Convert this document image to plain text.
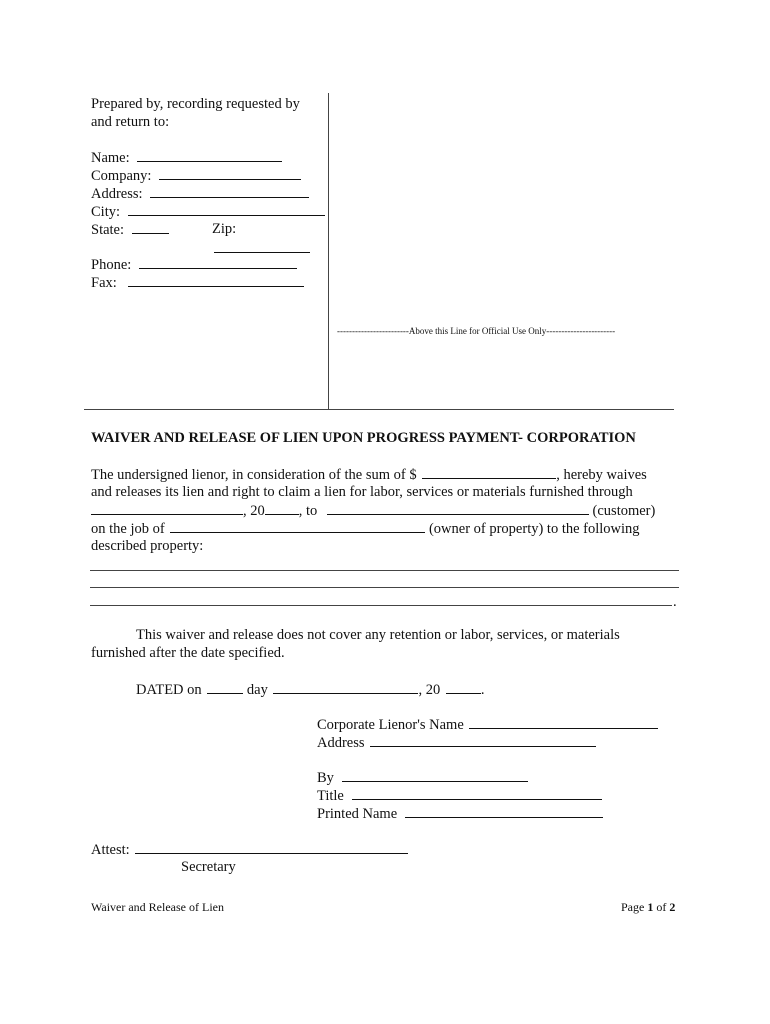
Prepared by, recording requested by
and return to:
Name:
Company:
Address:
City:
State:	Zip:
Phone:
Fax:
------------------------Above this Line for Official Use Only-----------------------
WAIVER AND RELEASE OF LIEN UPON PROGRESS PAYMENT- CORPORATION
The undersigned lienor, in consideration of the sum of $	, hereby waives
and releases its lien and right to claim a lien for labor, services or materials furnished through
, 20 , to	(customer)
on the job of	(owner of property) to the following
described property:
.
This waiver and release does not cover any retention or labor, services, or materials
furnished after the date specified.
DATED on	day	, 20	.
Corporate Lienor's Name
Address
By
Title
Printed Name
Attest:
Secretary
Waiver and Release of Lien	Page 1 of 2
